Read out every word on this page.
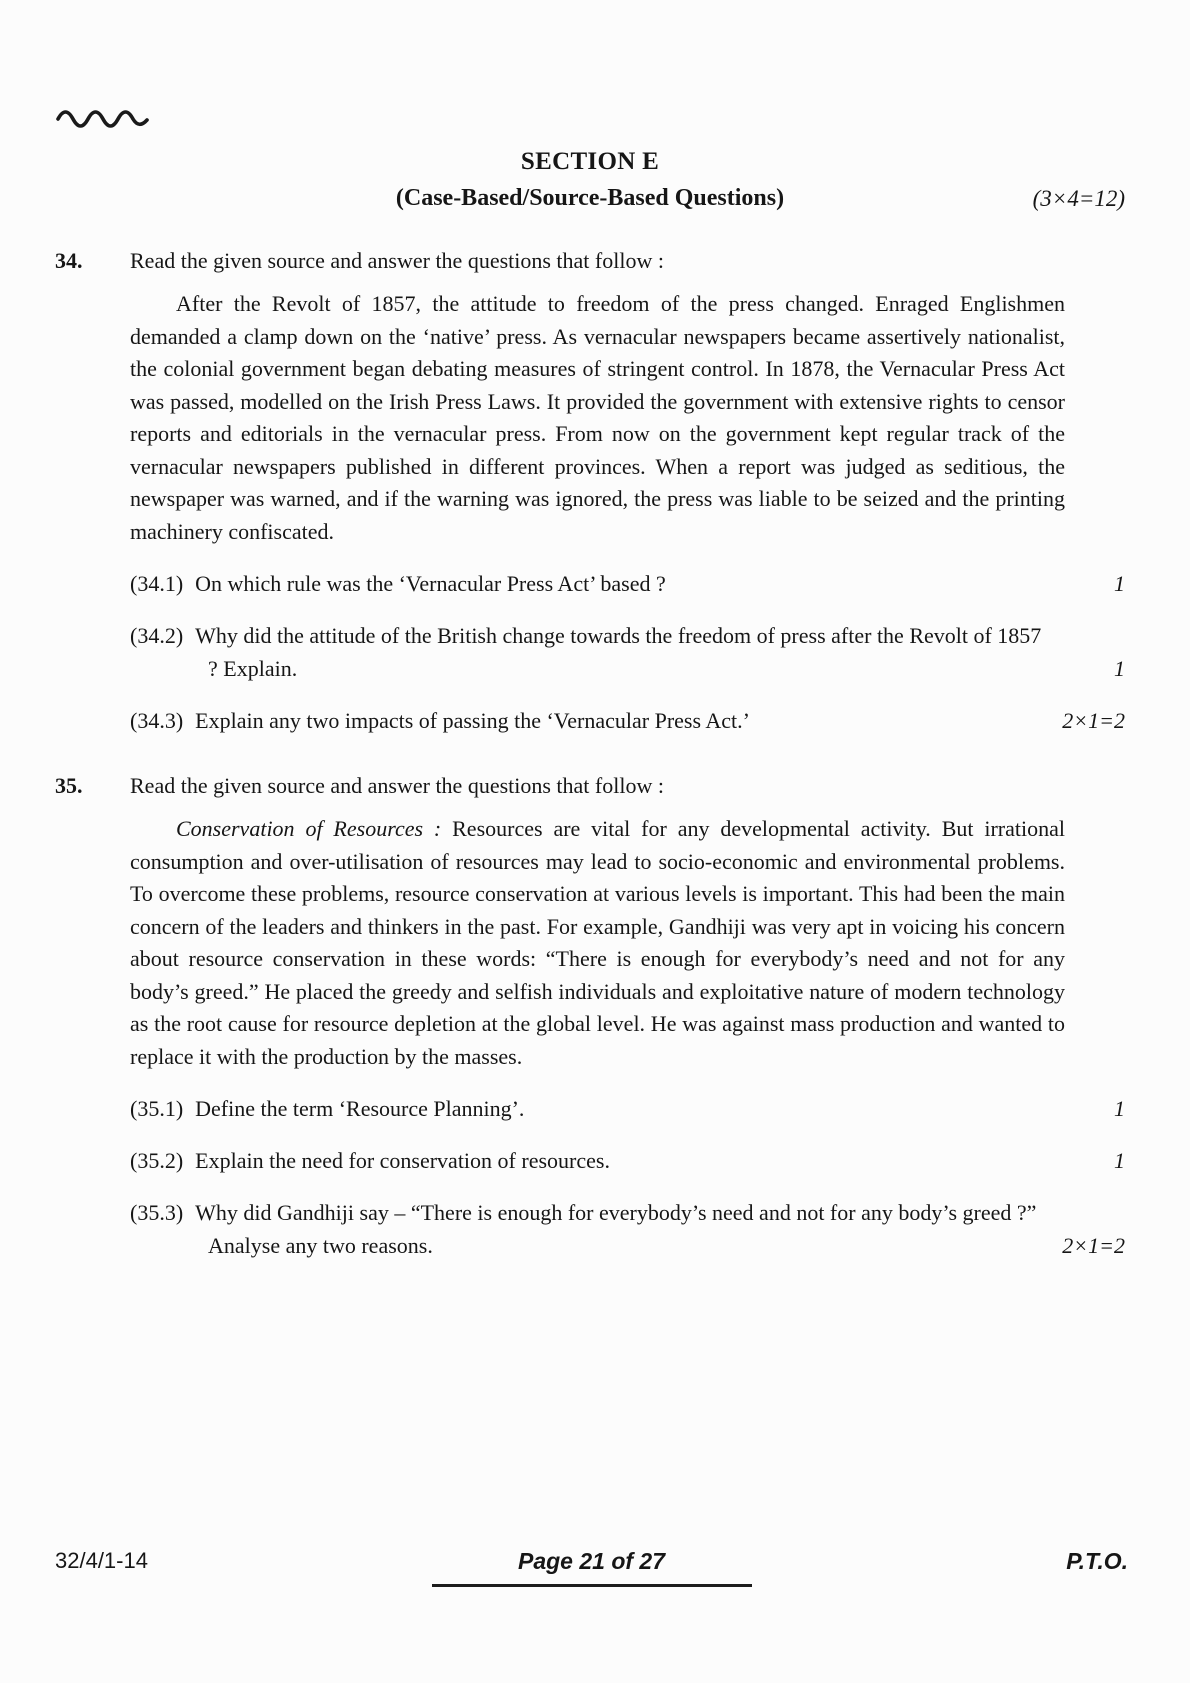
SECTION E
(Case-Based/Source-Based Questions)	(3×4=12)
34.	Read the given source and answer the questions that follow :

After the Revolt of 1857, the attitude to freedom of the press changed. Enraged Englishmen demanded a clamp down on the ‘native’ press. As vernacular newspapers became assertively nationalist, the colonial government began debating measures of stringent control. In 1878, the Vernacular Press Act was passed, modelled on the Irish Press Laws. It provided the government with extensive rights to censor reports and editorials in the vernacular press. From now on the government kept regular track of the vernacular newspapers published in different provinces. When a report was judged as seditious, the newspaper was warned, and if the warning was ignored, the press was liable to be seized and the printing machinery confiscated.

(34.1) On which rule was the ‘Vernacular Press Act’ based ?	1
(34.2) Why did the attitude of the British change towards the freedom of press after the Revolt of 1857 ? Explain.	1
(34.3) Explain any two impacts of passing the ‘Vernacular Press Act.’	2×1=2
35.	Read the given source and answer the questions that follow :

Conservation of Resources : Resources are vital for any developmental activity. But irrational consumption and over-utilisation of resources may lead to socio-economic and environmental problems. To overcome these problems, resource conservation at various levels is important. This had been the main concern of the leaders and thinkers in the past. For example, Gandhiji was very apt in voicing his concern about resource conservation in these words: “There is enough for everybody’s need and not for any body’s greed.” He placed the greedy and selfish individuals and exploitative nature of modern technology as the root cause for resource depletion at the global level. He was against mass production and wanted to replace it with the production by the masses.

(35.1) Define the term ‘Resource Planning’.	1
(35.2) Explain the need for conservation of resources.	1
(35.3) Why did Gandhiji say – “There is enough for everybody’s need and not for any body’s greed ?” Analyse any two reasons.	2×1=2
32/4/1-14	Page 21 of 27	P.T.O.
